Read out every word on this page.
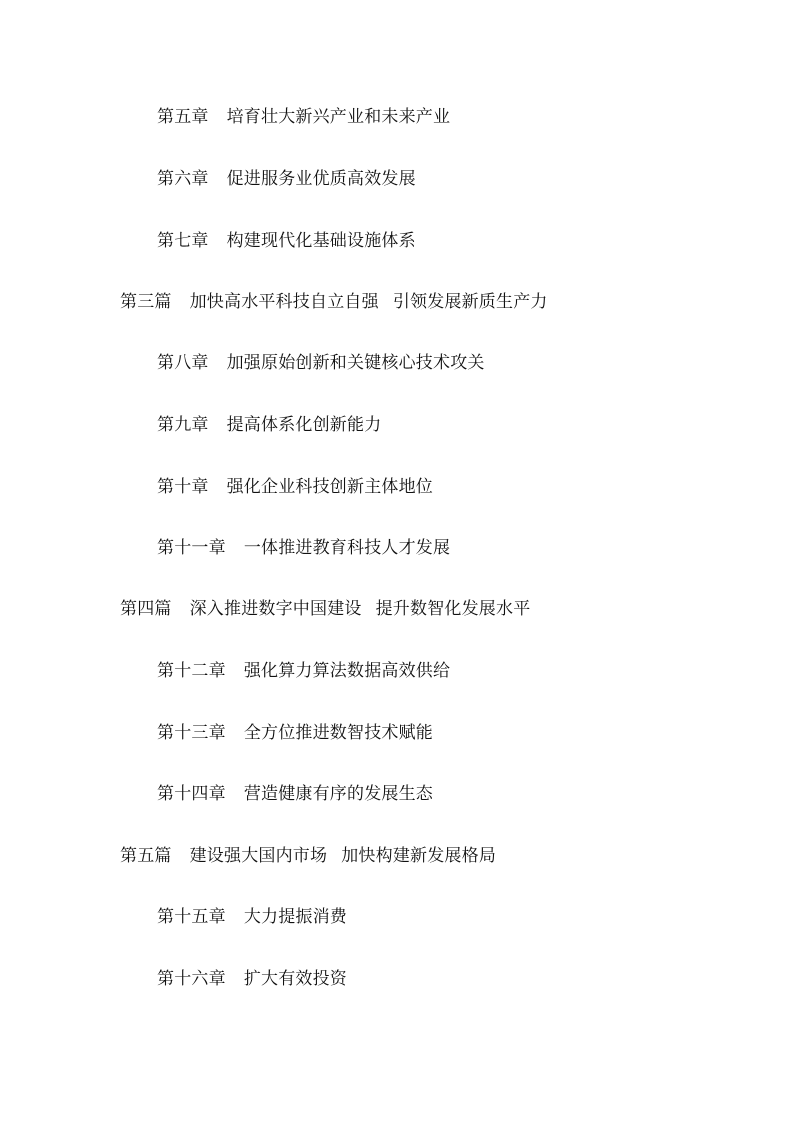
第五章 培育壮大新兴产业和未来产业

第六章 促进服务业优质高效发展

第七章 构建现代化基础设施体系

第三篇 加快高水平科技自立自强 引领发展新质生产力

第八章 加强原始创新和关键核心技术攻关

第九章 提高体系化创新能力

第十章 强化企业科技创新主体地位

第十一章 一体推进教育科技人才发展

第四篇 深入推进数字中国建设 提升数智化发展水平

第十二章 强化算力算法数据高效供给

第十三章 全方位推进数智技术赋能

第十四章 营造健康有序的发展生态

第五篇 建设强大国内市场 加快构建新发展格局

第十五章 大力提振消费

第十六章 扩大有效投资
